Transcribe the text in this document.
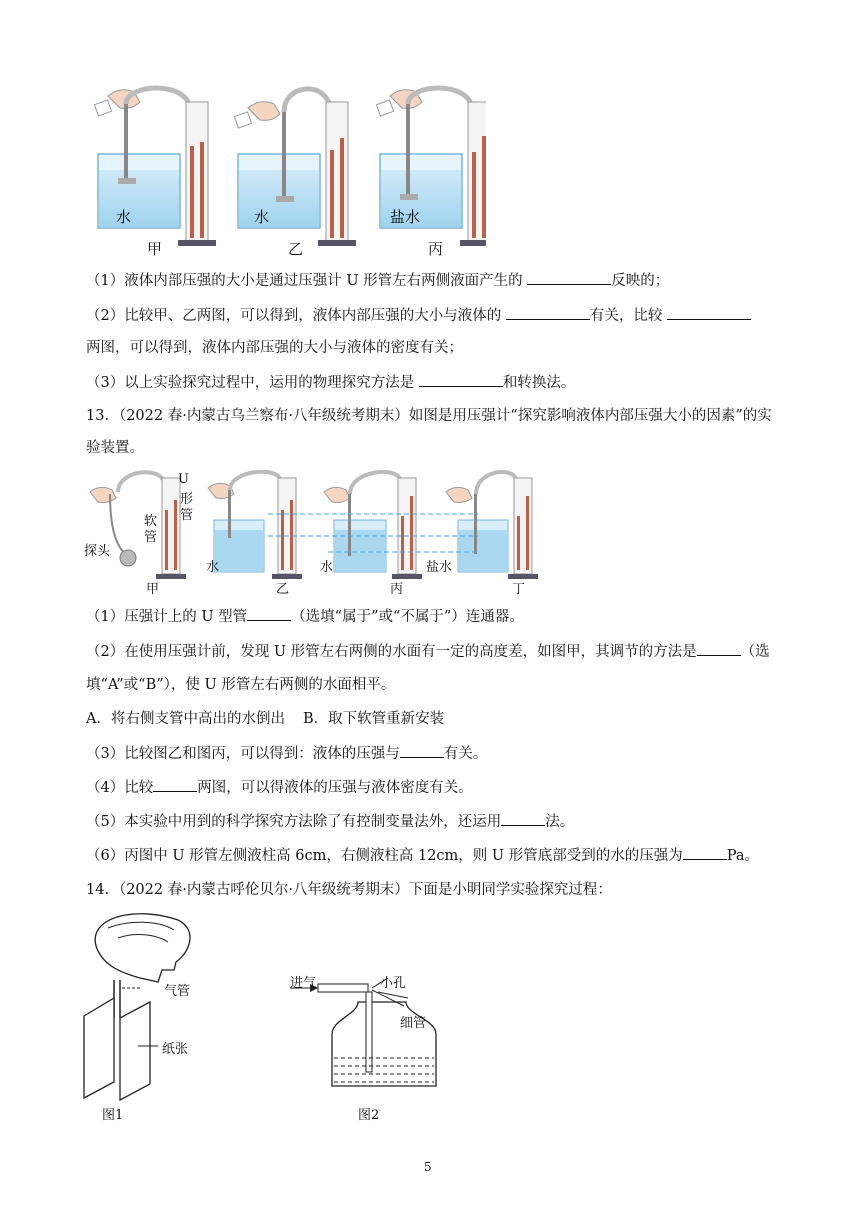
水	水	盐水
甲	乙	丙
（1）液体内部压强的大小是通过压强计 U 形管左右两侧液面产生的	反映的；
（2）比较甲、乙两图，可以得到，液体内部压强的大小与液体的	有关，比较
两图，可以得到，液体内部压强的大小与液体的密度有关；
（3）以上实验探究过程中，运用的物理探究方法是	和转换法。
13．（2022 春·内蒙古乌兰察布·八年级统考期末）如图是用压强计“探究影响液体内部压强大小的因素”的实
验装置。
U
形
管
软
管
探头
水	水	盐水
甲	乙	丙	丁
（1）压强计上的 U 型管	（选填“属于”或“不属于”）连通器。
（2）在使用压强计前，发现 U 形管左右两侧的水面有一定的高度差，如图甲，其调节的方法是	（选
填“A”或“B”），使 U 形管左右两侧的水面相平。
A．将右侧支管中高出的水倒出 B．取下软管重新安装
（3）比较图乙和图丙，可以得到：液体的压强与	有关。
（4）比较	两图，可以得液体的压强与液体密度有关。
（5）本实验中用到的科学探究方法除了有控制变量法外，还运用	法。
（6）丙图中 U 形管左侧液柱高 6cm，右侧液柱高 12cm，则 U 形管底部受到的水的压强为	Pa。
14．（2022 春·内蒙古呼伦贝尔·八年级统考期末）下面是小明同学实验探究过程：
气管
纸张
图1
进气	小孔
细管
图2
5
